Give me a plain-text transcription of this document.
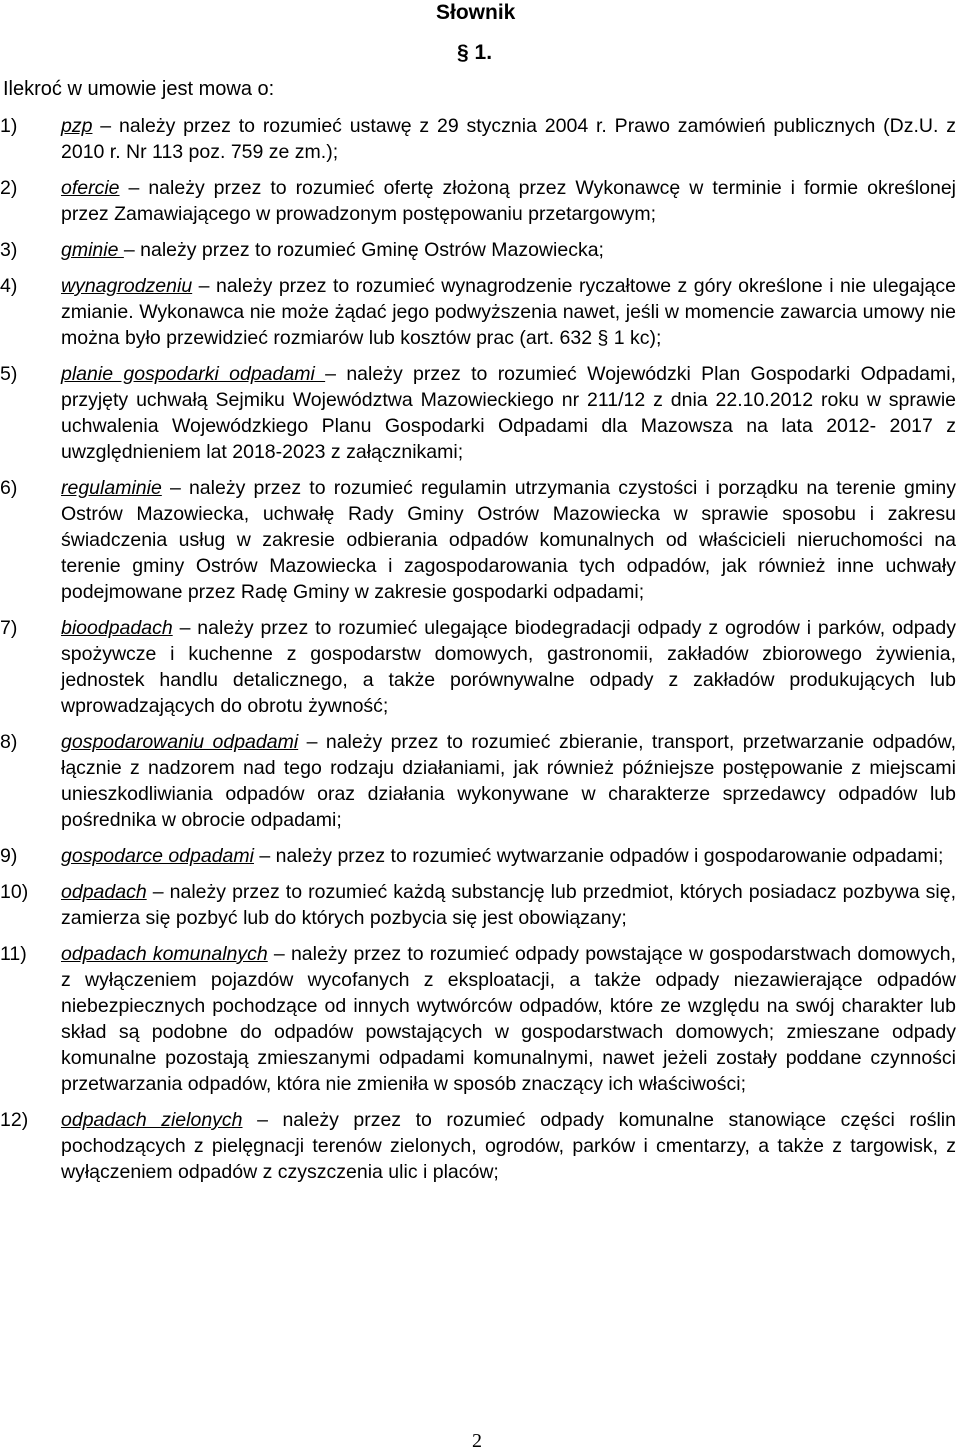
Słownik
§ 1.
Ilekroć w umowie jest mowa o:
1) pzp – należy przez to rozumieć ustawę z 29 stycznia 2004 r. Prawo zamówień publicznych (Dz.U. z 2010 r. Nr 113 poz. 759 ze zm.);
2) ofercie – należy przez to rozumieć ofertę złożoną przez Wykonawcę w terminie i formie określonej przez Zamawiającego w prowadzonym postępowaniu przetargowym;
3) gminie – należy przez to rozumieć Gminę Ostrów Mazowiecka;
4) wynagrodzeniu – należy przez to rozumieć wynagrodzenie ryczałtowe z góry określone i nie ulegające zmianie. Wykonawca nie może żądać jego podwyższenia nawet, jeśli w momencie zawarcia umowy nie można było przewidzieć rozmiarów lub kosztów prac (art. 632 § 1 kc);
5) planie gospodarki odpadami – należy przez to rozumieć Wojewódzki Plan Gospodarki Odpadami, przyjęty uchwałą Sejmiku Województwa Mazowieckiego nr 211/12 z dnia 22.10.2012 roku w sprawie uchwalenia Wojewódzkiego Planu Gospodarki Odpadami dla Mazowsza na lata 2012- 2017 z uwzględnieniem lat 2018-2023 z załącznikami;
6) regulaminie – należy przez to rozumieć regulamin utrzymania czystości i porządku na terenie gminy Ostrów Mazowiecka, uchwałę Rady Gminy Ostrów Mazowiecka w sprawie sposobu i zakresu świadczenia usług w zakresie odbierania odpadów komunalnych od właścicieli nieruchomości na terenie gminy Ostrów Mazowiecka i zagospodarowania tych odpadów, jak również inne uchwały podejmowane przez Radę Gminy w zakresie gospodarki odpadami;
7) bioodpadach – należy przez to rozumieć ulegające biodegradacji odpady z ogrodów i parków, odpady spożywcze i kuchenne z gospodarstw domowych, gastronomii, zakładów zbiorowego żywienia, jednostek handlu detalicznego, a także porównywalne odpady z zakładów produkujących lub wprowadzających do obrotu żywność;
8) gospodarowaniu odpadami – należy przez to rozumieć zbieranie, transport, przetwarzanie odpadów, łącznie z nadzorem nad tego rodzaju działaniami, jak również późniejsze postępowanie z miejscami unieszkodliwiania odpadów oraz działania wykonywane w charakterze sprzedawcy odpadów lub pośrednika w obrocie odpadami;
9) gospodarce odpadami – należy przez to rozumieć wytwarzanie odpadów i gospodarowanie odpadami;
10) odpadach – należy przez to rozumieć każdą substancję lub przedmiot, których posiadacz pozbywa się, zamierza się pozbyć lub do których pozbycia się jest obowiązany;
11) odpadach komunalnych – należy przez to rozumieć odpady powstające w gospodarstwach domowych, z wyłączeniem pojazdów wycofanych z eksploatacji, a także odpady niezawierające odpadów niebezpiecznych pochodzące od innych wytwórców odpadów, które ze względu na swój charakter lub skład są podobne do odpadów powstających w gospodarstwach domowych; zmieszane odpady komunalne pozostają zmieszanymi odpadami komunalnymi, nawet jeżeli zostały poddane czynności przetwarzania odpadów, która nie zmieniła w sposób znaczący ich właściwości;
12) odpadach zielonych – należy przez to rozumieć odpady komunalne stanowiące części roślin pochodzących z pielęgnacji terenów zielonych, ogrodów, parków i cmentarzy, a także z targowisk, z wyłączeniem odpadów z czyszczenia ulic i placów;
2
